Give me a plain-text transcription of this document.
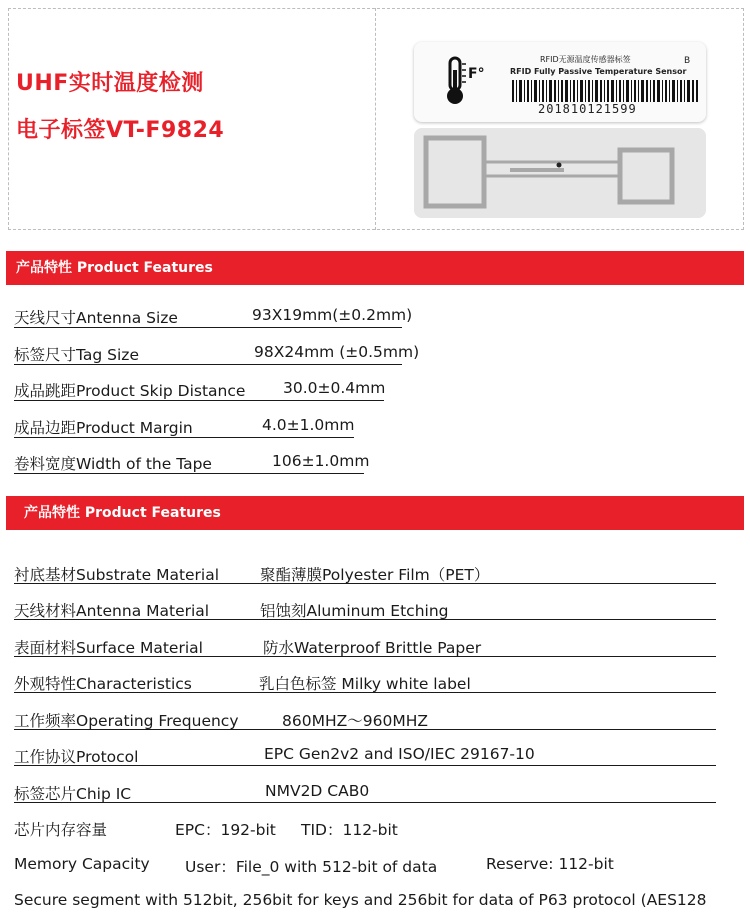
UHF实时温度检测
电子标签VT-F9824
F°
RFID无源温度传感器标签
RFID Fully Passive Temperature Sensor
B
201810121599
产品特性 Product Features
天线尺寸Antenna Size	93X19mm(±0.2mm)
标签尺寸Tag Size	98X24mm (±0.5mm)
成品跳距Product Skip Distance 30.0±0.4mm
成品边距Product Margin	4.0±1.0mm
卷料宽度Width of the Tape	106±1.0mm
产品特性 Product Features
衬底基材Substrate Material	聚酯薄膜Polyester Film（PET）
天线材料Antenna Material	铝蚀刻Aluminum Etching
表面材料Surface Material	防水Waterproof Brittle Paper
外观特性Characteristics	乳白色标签 Milky white label
工作频率Operating Frequency	860MHZ～960MHZ
工作协议Protocol	EPC Gen2v2 and ISO/IEC 29167-10
标签芯片Chip IC	NMV2D CAB0
芯片内存容量	EPC：192-bit TID：112-bit
Memory Capacity User：File_0 with 512-bit of data	Reserve: 112-bit
Secure segment with 512bit, 256bit for keys and 256bit for data of P63 protocol (AES128
